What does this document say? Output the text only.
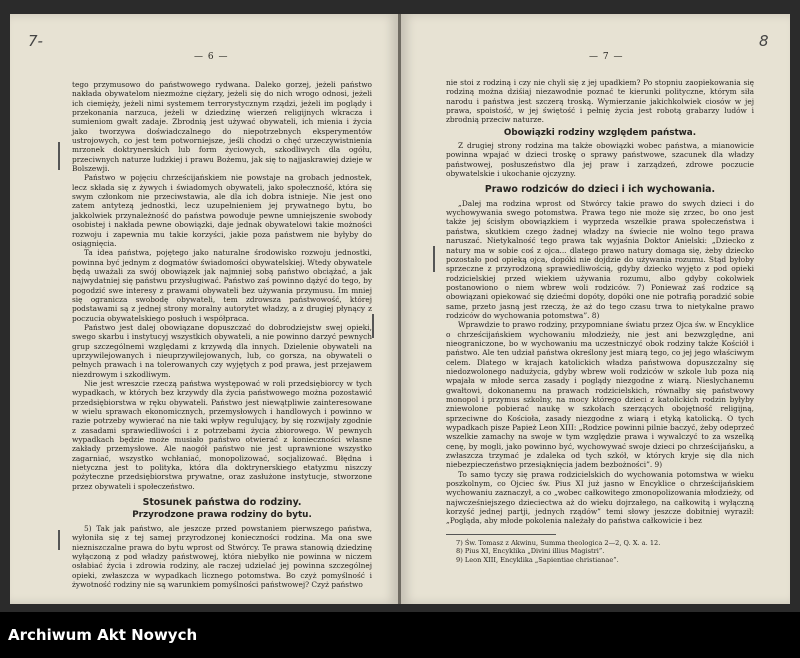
7-
— 6 —

tego przymusowo do państwowego rydwana. Daleko gorzej, jeżeli państwo nakłada obywatelom niezmożne ciężary, jeżeli się do nich wrogo odnosi, jeżeli ich ciemięży, jeżeli nimi systemem terrorystycznym rządzi, jeżeli im poglądy i przekonania narzuca, jeżeli w dziedzinę wierzeń religijnych wkracza i sumieniom gwałt zadaje. Zbrodnią jest używać obywateli, ich mienia i życia jako tworzywa doświadczalnego do niepotrzebnych eksperymentów ustrojowych, co jest tem potworniejsze, jeśli chodzi o chęć urzeczywistnienia mrzonek doktrynerskich lub form życiowych, szkodliwych dla ogółu, przeciwnych naturze ludzkiej i prawu Bożemu, jak się to najjaskrawiej dzieje w Bolszewji.

Państwo w pojęciu chrześcijańskiem nie powstaje na grobach jednostek, lecz składa się z żywych i świadomych obywateli, jako społeczność, która się swym członkom nie przeciwstawia, ale dla ich dobra istnieje. Nie jest ono zatem antytezą jednostki, lecz uzupełnieniem jej prywatnego bytu, bo jakkolwiek przynależność do państwa powoduje pewne umniejszenie swobody osobistej i nakłada pewne obowiązki, daje jednak obywatelowi takie możności rozwoju i zapewnia mu takie korzyści, jakie poza państwem nie byłyby do osiągnięcia.

Ta idea państwa, pojętego jako naturalne środowisko rozwoju jednostki, powinna być jednym z dogmatów świadomości obywatelskiej. Wtedy obywatele będą uważali za swój obowiązek jak najmniej sobą państwo obciążać, a jak najwydatniej się państwu przysługiwać. Państwo zaś powinno dążyć do tego, by pogodzić swe interesy z prawami obywateli bez używania przymusu. Im mniej się ogranicza swobodę obywateli, tem zdrowsza państwowość, której podstawami są z jednej strony moralny autorytet władzy, a z drugiej płynący z poczucia obywatelskiego posłuch i współpraca.

Państwo jest dalej obowiązane dopuszczać do dobrodziejstw swej opieki, swego skarbu i instytucyj wszystkich obywateli, a nie powinno darzyć pewnych grup szczególnemi względami z krzywdą dla innych. Dzielenie obywateli na uprzywilejowanych i nieuprzywilejowanych, lub, co gorsza, na obywateli o pełnych prawach i na tolerowanych czy wyjętych z pod prawa, jest przejawem niezdrowym i szkodliwym.

Nie jest wreszcie rzeczą państwa występować w roli przedsiębiorcy w tych wypadkach, w których bez krzywdy dla życia państwowego można pozostawić przedsiębiorstwa w ręku obywateli. Państwo jest niewątpliwie zainteresowane w wielu sprawach ekonomicznych, przemysłowych i handlowych i powinno w razie potrzeby wywierać na nie taki wpływ regulujący, by się rozwijały zgodnie z zasadami sprawiedliwości i z potrzebami życia zbiorowego. W pewnych wypadkach będzie może musiało państwo otwierać z konieczności własne zakłady przemysłowe. Ale naogół państwo nie jest uprawnione wszystko zagarniać, wszystko wchłaniać, monopolizować, socjalizować. Błędna i nietyczna jest to polityka, która dla doktrynerskiego etatyzmu niszczy pożyteczne przedsiębiorstwa prywatne, oraz zasłużone instytucje, stworzone przez obywateli i społeczeństwo.

Stosunek państwa do rodziny.
Przyrodzone prawa rodziny do bytu.

5) Tak jak państwo, ale jeszcze przed powstaniem pierwszego państwa, wyłoniła się z tej samej przyrodzonej konieczności rodzina. Ma ona swe niezniszczalne prawa do bytu wprost od Stwórcy. Te prawa stanowią dziedzinę wyłączoną z pod władzy państwowej, która niebyłko nie powinna w niczem osłabiać życia i zdrowia rodziny, ale raczej udzielać jej powinna szczególnej opieki, zwłaszcza w wypadkach licznego potomstwa. Bo czyż pomyślność i żywotność rodziny nie są warunkiem pomyślności państwowej? Czyż państwo

8
— 7 —

nie stoi z rodziną i czy nie chyli się z jej upadkiem? Po stopniu zaopiekowania się rodziną można dziśiaj niezawodnie poznać te kierunki polityczne, którym siła narodu i państwa jest szczerą troską. Wymierzanie jakichkolwiek ciosów w jej prawa, spoistość, w jej świętość i pełnię życia jest robotą grabarzy ludów i zbrodnią przeciw naturze.

Obowiązki rodziny względem państwa.

Z drugiej strony rodzina ma także obowiązki wobec państwa, a mianowicie powinna wpajać w dzieci troskę o sprawy państwowe, szacunek dla władzy państwowej, posłuszeństwo dla jej praw i zarządzeń, zdrowe poczucie obywatelskie i ukochanie ojczyzny.

Prawo rodziców do dzieci i ich wychowania.

„Dalej ma rodzina wprost od Stwórcy takie prawo do swych dzieci i do wychowywania swego potomstwa. Prawa tego nie może się zrzec, bo ono jest także jej ścisłym obowiązkiem i wyprzeda wszelkie prawa społeczeństwa i państwa, skutkiem czego żadnej władzy na świecie nie wolno tego prawa naruszać. Nietykalność tego prawa tak wyjaśnia Doktor Anielski: „Dziecko z natury ma w sobie coś z ojca... dlatego prawo natury domaga się, żeby dziecko pozostało pod opieką ojca, dopóki nie dojdzie do używania rozumu. Stąd byłoby sprzeczne z przyrodzoną sprawiedliwością, gdyby dziecko wyjęto z pod opieki rodzicielskiej przed wiekiem używania rozumu, albo gdyby cokolwiek postanowiono o niem wbrew woli rodziców. 7) Ponieważ zaś rodzice są obowiązani opiekować się dziećmi dopóty, dopóki one nie potrafią poradzić sobie same, przeto jasną jest rzeczą, że aż do tego czasu trwa to nietykalne prawo rodziców do wychowania potomstwa”. 8)

Wprawdzie to prawo rodziny, przypomniane światu przez Ojca św. w Encyklice o chrześcijańskiem wychowaniu młodzieży, nie jest ani bezwzględne, ani nieograniczone, bo w wychowaniu ma uczestniczyć obok rodziny także Kościół i państwo. Ale ten udział państwa określony jest miarą tego, co jej jego właściwym celem. Dlatego w krajach katolickich władza państwowa dopuszczalny się niedozwolonego nadużycia, gdyby wbrew woli rodziców w szkole lub poza nią wpajała w młode serca zasady i poglądy niezgodne z wiarą. Nieslychanemu gwałtowi, dokonanemu na prawach rodzicielskich, równałby się państwowy monopol i przymus szkolny, na mocy którego dzieci z katolickich rodzin byłyby zniewolone pobierać naukę w szkołach szerzących obojętność religijną, sprzeciwne do Kościoła, zasady niezgodne z wiarą i etyką katolicką. O tych wypadkach pisze Papież Leon XIII: „Rodzice powinni pilnie baczyć, żeby odeprzeć wszelkie zamachy na swoje w tym względzie prawa i wywalczyć to za wszelką cenę, by mogli, jako powinno być, wychowywać swoje dzieci po chrześcijańsku, a zwłaszcza trzymać je zdaleka od tych szkół, w których kryje się dla nich niebezpieczeństwo przesiąknięcia jadem bezbożności”. 9)

To samo tyczy się prawa rodzicielskich do wychowania potomstwa w wieku poszkolnym, co Ojciec św. Pius XI już jasno w Encyklice o chrześcijańskiem wychowaniu zaznaczył, a co „wobec całkowitego zmonopolizowania młodzieży, od najwcześniejszego dzieciectwa aż do wieku dojrzałego, na całkowitą i wyłączną korzyść jednej partji, jednych rządów” temi słowy jeszcze dobitniej wyraził: „Pogląda, aby młode pokolenia należały do państwa całkowicie i bez

7) Św. Tomasz z Akwinu, Summa theologica 2—2, Q. X. a. 12.

8) Pius XI, Encyklika „Divini illius Magistri”.

9) Leon XIII, Encyklika „Sapientiae christianae”.

Archiwum Akt Nowych
